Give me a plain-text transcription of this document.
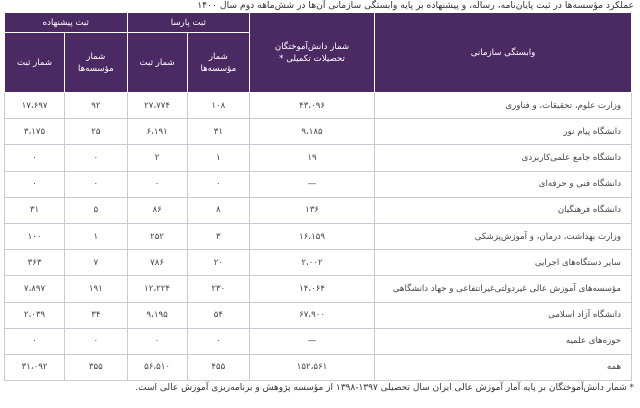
عملکرد مؤسسه‌ها در ثبت پایان‌نامه، رساله، و پیشنهاده بر پایه وابستگی سازمانی آن‌ها در شش‌ماهه دوم سال ۱۴۰۰
وابستگی سازمانی	شمار دانش‌آموختگان تحصیلات تکمیلی *	ثبت پارسا		ثبت پیشنهاده	
		شمار مؤسسه‌ها	شمار ثبت	شمار مؤسسه‌ها	شمار ثبت
وزارت علوم، تحقیقات، و فناوری	۴۳،۰۹۶	۱۰۸	۲۷،۷۷۴	۹۲	۱۷،۶۹۷
دانشگاه پیام نور	۹،۱۸۵	۳۱	۶،۱۹۱	۲۵	۳،۱۷۵
دانشگاه جامع علمی‌کاربردی	۱۹	۱	۲	۰	۰
دانشگاه فنی و حرفه‌ای	—	۰	۰	۰	۰
دانشگاه فرهنگیان	۱۳۶	۸	۸۶	۵	۳۱
وزارت بهداشت، درمان، و آموزش‌پزشکی	۱۶،۱۵۹	۳	۲۵۲	۱	۱۰۰
سایر دستگاه‌های اجرایی	۲،۰۰۲	۲۰	۷۸۶	۷	۳۶۳
مؤسسه‌های آموزش عالی غیردولتی‌غیرانتفاعی و جهاد دانشگاهی	۱۴،۰۶۴	۲۳۰	۱۲،۲۲۴	۱۹۱	۷،۸۹۷
دانشگاه آزاد اسلامی	۶۷،۹۰۰	۵۴	۹،۱۹۵	۳۴	۲،۰۳۹
حوزه‌های علمیه	—	۰	۰	۰	۰
همه	۱۵۲،۵۶۱	۴۵۵	۵۶،۵۱۰	۳۵۵	۳۱،۰۹۲
* شمار دانش‌آموختگان بر پایه آمار آموزش عالی ایران سال تحصیلی ۱۳۹۷-۱۳۹۸ از مؤسسه پژوهش و برنامه‌ریزی آموزش عالی است.
